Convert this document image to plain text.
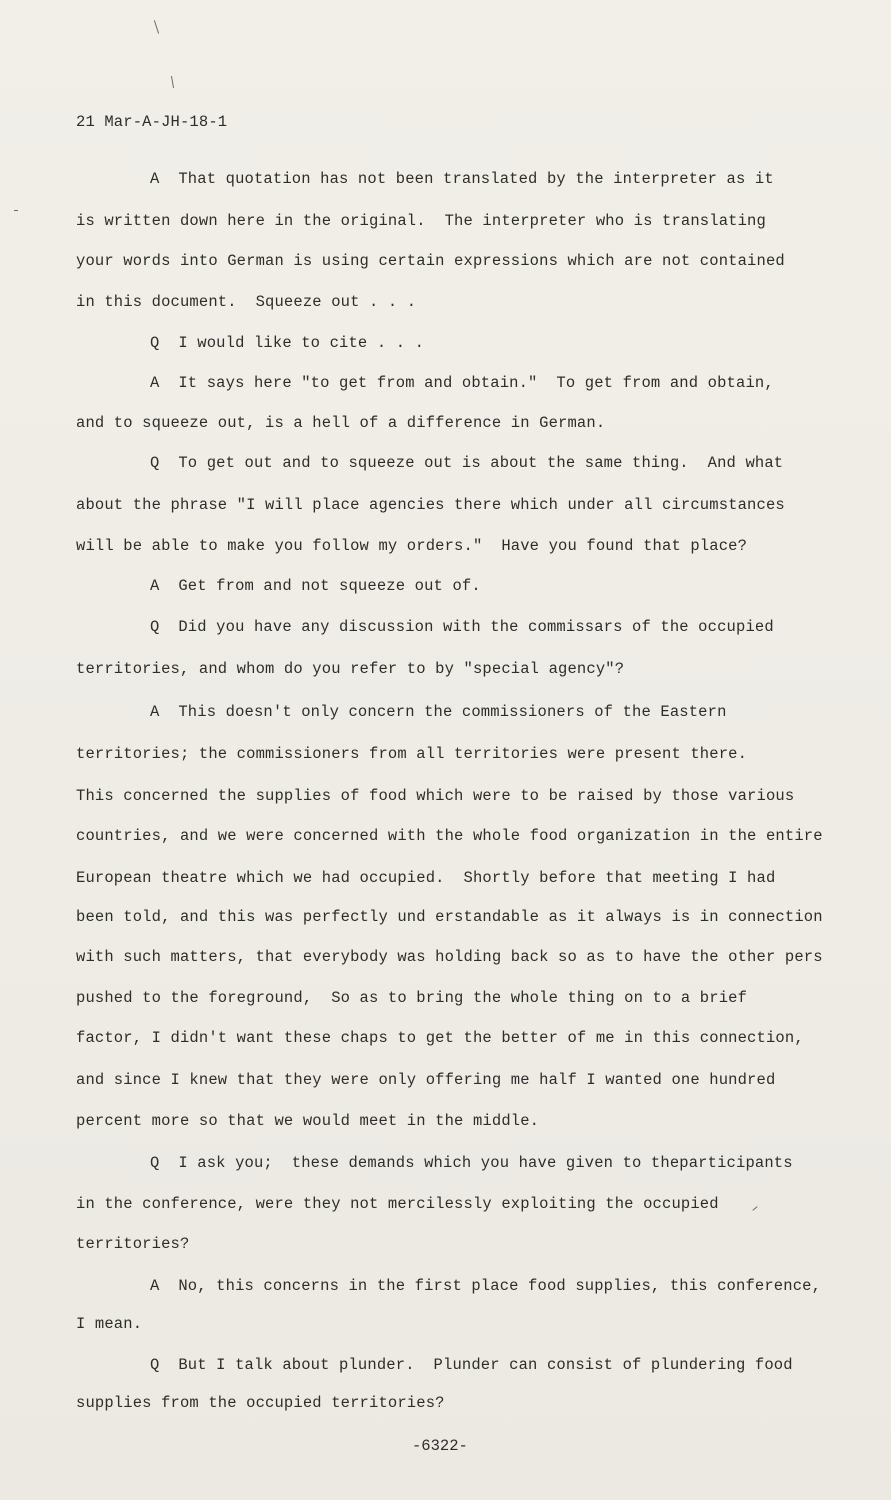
21 Mar-A-JH-18-1
A  That quotation has not been translated by the interpreter as it
is written down here in the original.  The interpreter who is translating
your words into German is using certain expressions which are not contained
in this document.  Squeeze out . . .
Q  I would like to cite . . .
A  It says here "to get from and obtain."  To get from and obtain,
and to squeeze out, is a hell of a difference in German.
Q  To get out and to squeeze out is about the same thing.  And what
about the phrase "I will place agencies there which under all circumstances
will be able to make you follow my orders."  Have you found that place?
A  Get from and not squeeze out of.
Q  Did you have any discussion with the commissars of the occupied
territories, and whom do you refer to by "special agency"?
A  This doesn't only concern the commissioners of the Eastern
territories; the commissioners from all territories were present there.
This concerned the supplies of food which were to be raised by those various
countries, and we were concerned with the whole food organization in the entire
European theatre which we had occupied.  Shortly before that meeting I had
been told, and this was perfectly und erstandable as it always is in connection
with such matters, that everybody was holding back so as to have the other pers
pushed to the foreground,  So as to bring the whole thing on to a brief
factor, I didn't want these chaps to get the better of me in this connection,
and since I knew that they were only offering me half I wanted one hundred
percent more so that we would meet in the middle.
Q  I ask you;  these demands which you have given to theparticipants
in the conference, were they not mercilessly exploiting the occupied
territories?
A  No, this concerns in the first place food supplies, this conference,
I mean.
Q  But I talk about plunder.  Plunder can consist of plundering food
supplies from the occupied territories?
-6322-
